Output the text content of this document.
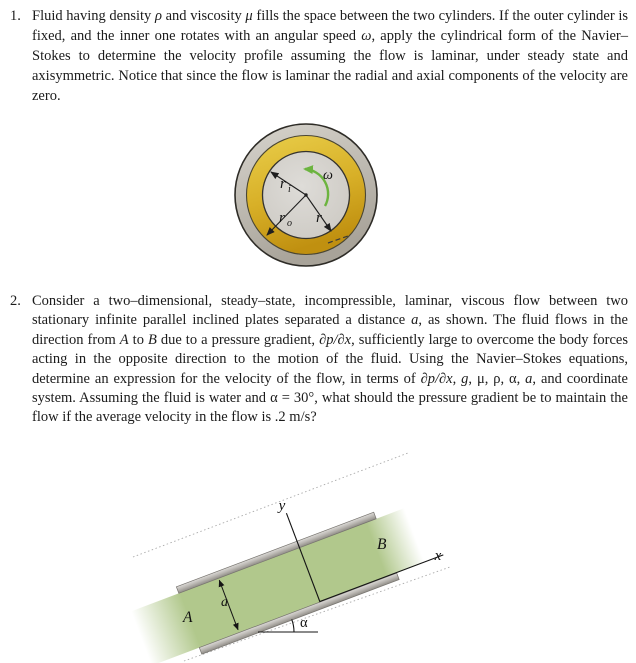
1. Fluid having density ρ and viscosity μ fills the space between the two cylinders. If the outer cylinder is fixed, and the inner one rotates with an angular speed ω, apply the cylindrical form of the Navier–Stokes to determine the velocity profile assuming the flow is laminar, under steady state and axisymmetric. Notice that since the flow is laminar the radial and axial components of the velocity are zero.
ω
r i
r o r
2. Consider a two–dimensional, steady–state, incompressible, laminar, viscous flow between two stationary infinite parallel inclined plates separated a distance a, as shown. The fluid flows in the direction from A to B due to a pressure gradient, ∂p/∂x, sufficiently large to overcome the body forces acting in the opposite direction to the motion of the fluid. Using the Navier–Stokes equations, determine an expression for the velocity of the flow, in terms of ∂p/∂x, g, μ, ρ, α, a, and coordinate system. Assuming the fluid is water and α = 30°, what should the pressure gradient be to maintain the flow if the average velocity in the flow is .2 m/s?
y
x
B
A
a
α
